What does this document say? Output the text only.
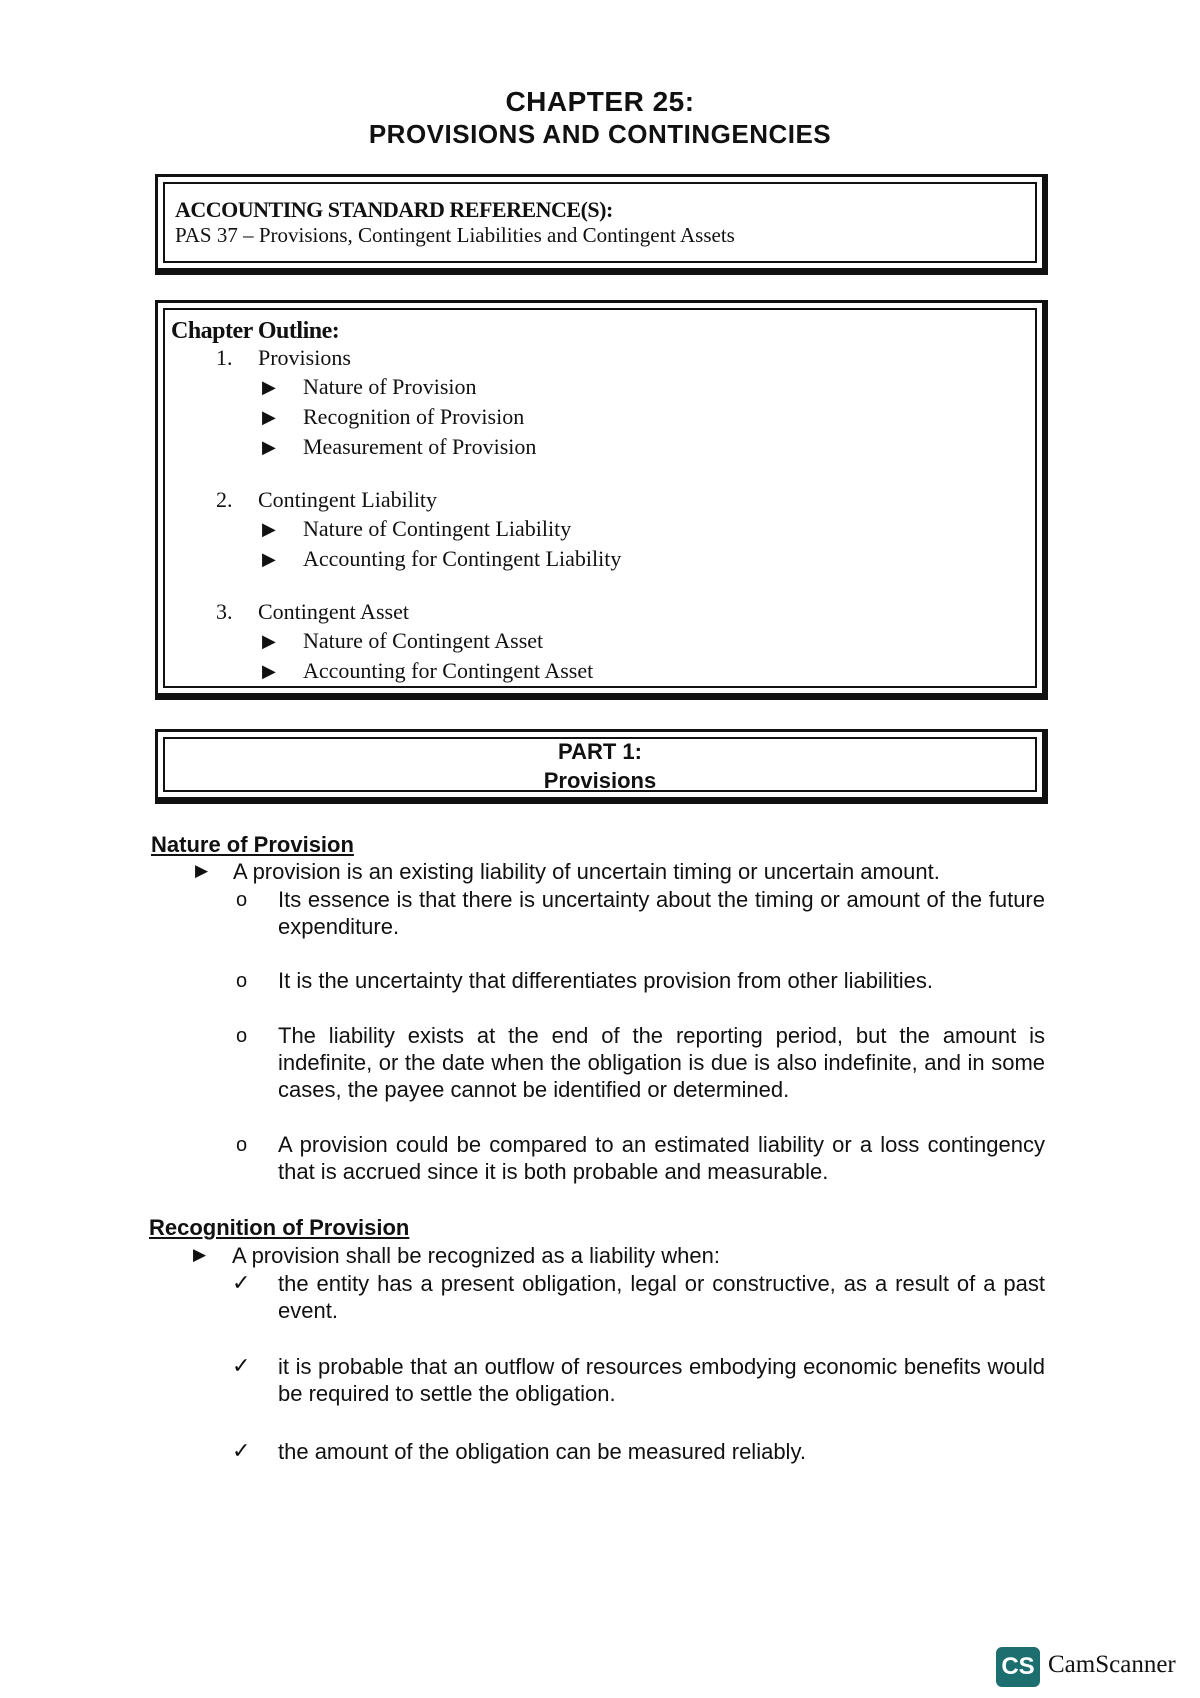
CHAPTER 25:
PROVISIONS AND CONTINGENCIES
ACCOUNTING STANDARD REFERENCE(S):
PAS 37 – Provisions, Contingent Liabilities and Contingent Assets
Chapter Outline:
1. Provisions
▶ Nature of Provision
▶ Recognition of Provision
▶ Measurement of Provision
2. Contingent Liability
▶ Nature of Contingent Liability
▶ Accounting for Contingent Liability
3. Contingent Asset
▶ Nature of Contingent Asset
▶ Accounting for Contingent Asset
PART 1:
Provisions
Nature of Provision
▶ A provision is an existing liability of uncertain timing or uncertain amount.
o Its essence is that there is uncertainty about the timing or amount of the future expenditure.
o It is the uncertainty that differentiates provision from other liabilities.
o The liability exists at the end of the reporting period, but the amount is indefinite, or the date when the obligation is due is also indefinite, and in some cases, the payee cannot be identified or determined.
o A provision could be compared to an estimated liability or a loss contingency that is accrued since it is both probable and measurable.
Recognition of Provision
▶ A provision shall be recognized as a liability when:
✓ the entity has a present obligation, legal or constructive, as a result of a past event.
✓ it is probable that an outflow of resources embodying economic benefits would be required to settle the obligation.
✓ the amount of the obligation can be measured reliably.
CS CamScanner
